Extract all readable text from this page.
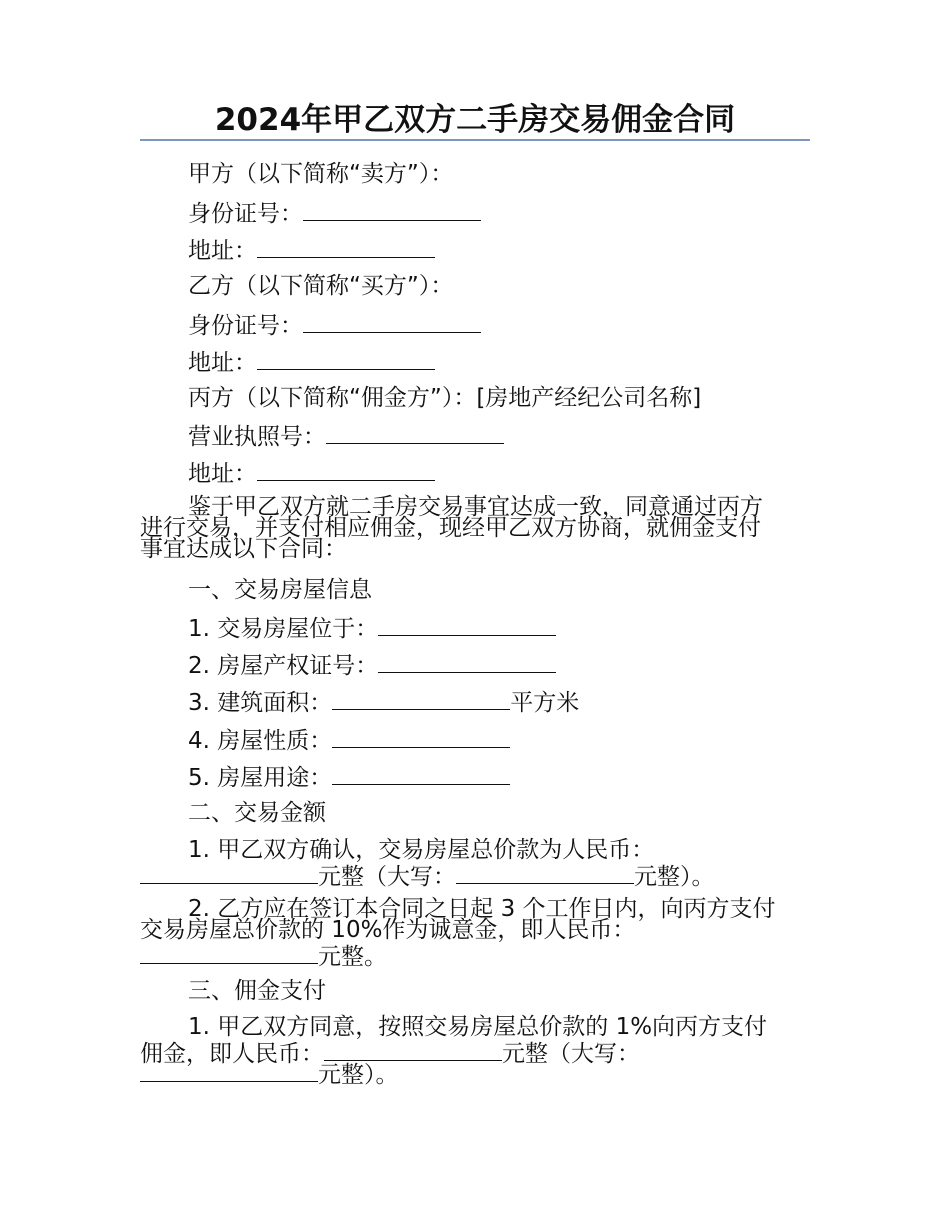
2024年甲乙双方二手房交易佣金合同
甲方（以下简称“卖方”）：
身份证号：
地址：
乙方（以下简称“买方”）：
身份证号：
地址：
丙方（以下简称“佣金方”）：[房地产经纪公司名称]
营业执照号：
地址：
鉴于甲乙双方就二手房交易事宜达成一致，同意通过丙方
进行交易，并支付相应佣金，现经甲乙双方协商，就佣金支付
事宜达成以下合同：
一、交易房屋信息
1. 交易房屋位于：
2. 房屋产权证号：
3. 建筑面积：	平方米
4. 房屋性质：
5. 房屋用途：
二、交易金额
1. 甲乙双方确认，交易房屋总价款为人民币：
元整（大写：	元整）。
2. 乙方应在签订本合同之日起 3 个工作日内，向丙方支付
交易房屋总价款的 10%作为诚意金，即人民币：
元整。
三、佣金支付
1. 甲乙双方同意，按照交易房屋总价款的 1%向丙方支付
佣金，即人民币：	元整（大写：
元整）。
